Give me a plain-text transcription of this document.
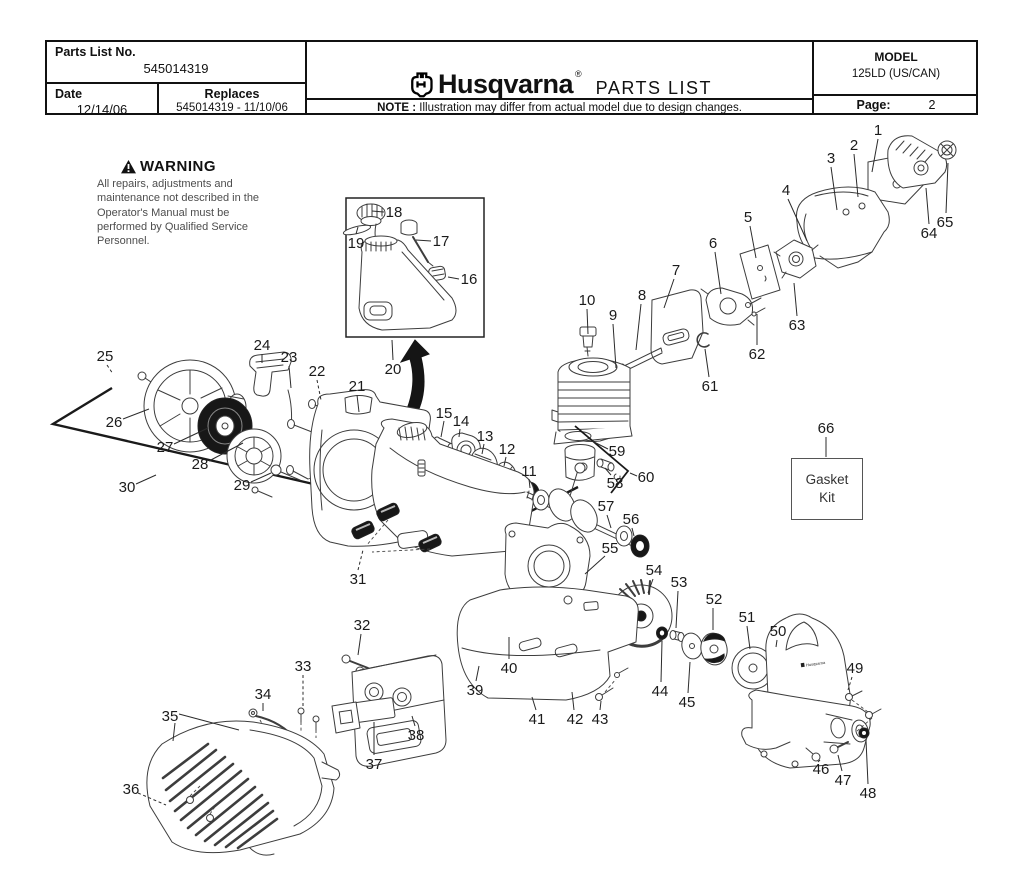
Parts List No.
545014319
Date
12/14/06
Replaces
545014319 - 11/10/06
Husqvarna ®
PARTS LIST
NOTE : Illustration may differ from actual model due to design changes.
MODEL
125LD (US/CAN)
Page:	2
WARNING
All repairs, adjustments and maintenance not described in the Operator's Manual must be performed by Qualified Service Personnel.
Gasket Kit
Husqvarna
1
2
3
4
5
6
7
8
9
10
11
12
13
14
15
16
17
18
19
20
21
22
23
24
25
26
27
28
29
30
31
32
33
34
35
36
37
38
39
40
41 42 43
44
45
46
47
48
49
50
51
52
53
54
55
56
57
58
59
60
61
62
63
64
65
66
